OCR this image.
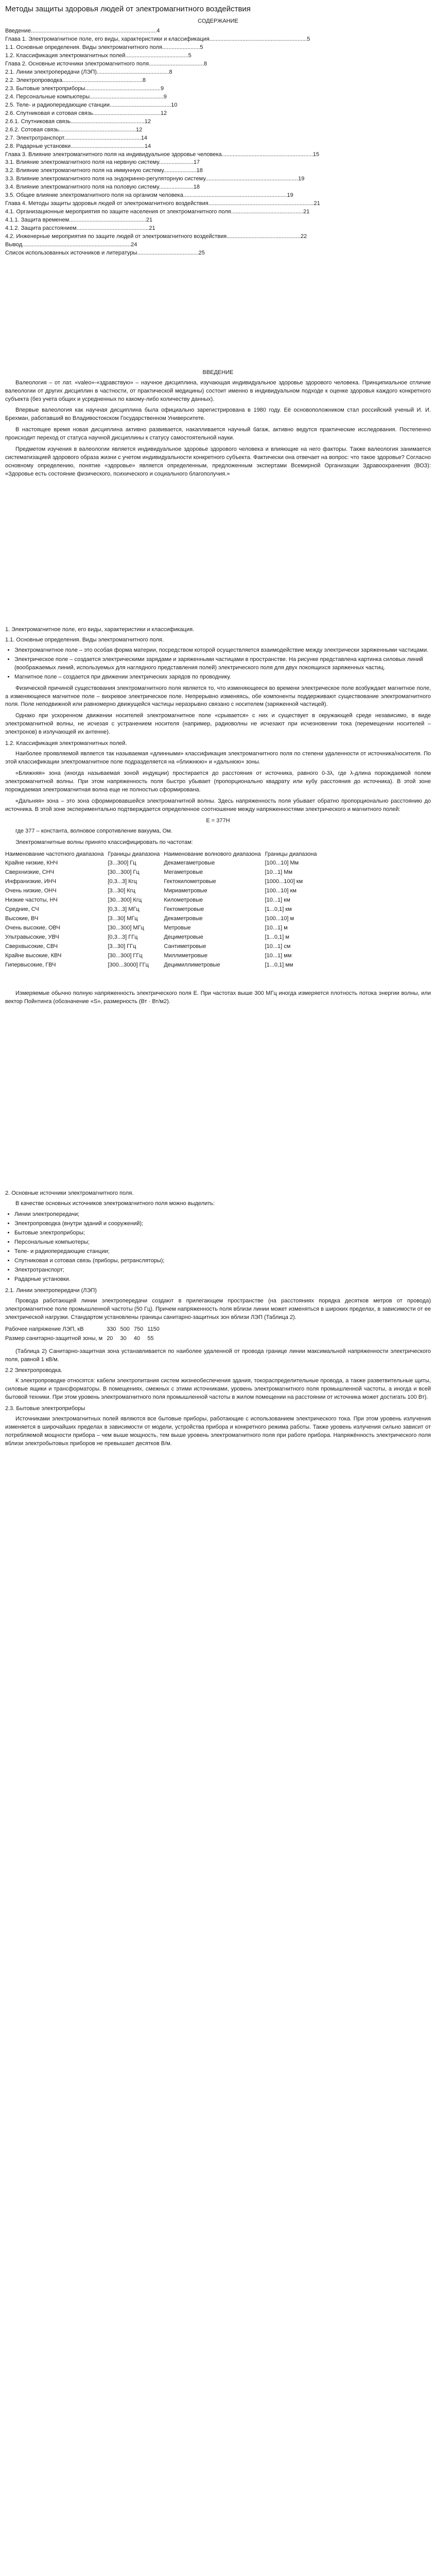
Методы защиты здоровья людей от электромагнитного воздействия
СОДЕРЖАНИЕ

Введение................................................................................4

Глава 1. Электромагнитное поле, его виды, характеристики и классификация..............................................................5

1.1. Основные определения. Виды электромагнитного поля........................5

1.2. Классификация электромагнитных полей........................................5

Глава 2. Основные источники электромагнитного поля...................................8

2.1. Линии электропередачи (ЛЭП)..............................................8

2.2. Электропроводка...................................................8

2.3. Бытовые электроприборы................................................9

2.4. Персональные компьютеры...............................................9

2.5. Теле- и радиопередающие станции.......................................10

2.6. Спутниковая и сотовая связь...........................................12

2.6.1. Спутниковая связь...............................................12

2.6.2. Сотовая связь.................................................12

2.7. Электротранспорт.................................................14

2.8. Радарные установки...............................................14

Глава 3. Влияние электромагнитного поля на индивидуальное здоровье человека..........................................................15

3.1. Влияние электромагнитного поля на нервную систему......................17

3.2. Влияние электромагнитного поля на иммунную систему.....................18

3.3. Влияние электромагнитного поля на эндокринно-регуляторную систему...........................................................19

3.4. Влияние электромагнитного поля на половую систему......................18

3.5. Общее влияние электромагнитного поля на организм человека..................................................................19

Глава 4. Методы защиты здоровья людей от электромагнитного воздействия...................................................................21

4.1. Организационные мероприятия по защите населения от электромагнитного поля..............................................21

4.1.1. Защита временем.................................................21

4.1.2. Защита расстоянием..............................................21

4.2. Инженерные мероприятия по защите людей от электромагнитного воздействия...............................................22

Вывод.....................................................................24

Список использованных источников и литературы.......................................25

ВВЕДЕНИЕ

Валеология – от лат. «valeo»-«здравствую» – научное дисциплина, изучающая индивидуальное здоровье здорового человека. Принципиальное отличие валеологии от других дисциплин в частности, от практической медицины) состоит именно в индивидуальном подходе к оценке здоровья каждого конкретного субъекта (без учета общих и усредненных по какому-либо количеству данных).

Впервые валеология как научная дисциплина была официально зарегистрирована в 1980 году. Её основоположником стал российский ученый И. И. Брехман, работавший во Владивостокском Государственном Университете.

В настоящее время новая дисциплина активно развивается, накапливается научный багаж, активно ведутся практические исследования. Постепенно происходит переход от статуса научной дисциплины к статусу самостоятельной науки.

Предметом изучения в валеологии является индивидуальное здоровье здорового человека и влияющие на него факторы. Также валеология занимается систематизацией здорового образа жизни с учетом индивидуальности конкретного субъекта. Фактически она отвечает на вопрос: что такое здоровье? Согласно основному определению, понятие «здоровье» является определенным, предложенным экспертами Всемирной Организации Здравоохранения (ВОЗ): «Здоровье есть состояние физического, психического и социального благополучия.»

1. Электромагнитное поле, его виды, характеристики и классификация.

1.1. Основные определения. Виды электромагнитного поля.

• Электромагнитное поле – это особая форма материи, посредством которой осуществляется взаимодействие между электрически заряженными частицами.
• Электрическое поле – создается электрическими зарядами и заряженными частицами в пространстве. На рисунке представлена картинка силовых линий (воображаемых линий, используемых для наглядного представления полей) электрического поля для двух покоящихся заряженных частиц.
• Магнитное поле – создается при движении электрических зарядов по проводнику.

Физической причиной существования электромагнитного поля является то, что изменяющееся во времени электрическое поле возбуждает магнитное поле, а изменяющееся магнитное поле – вихревое электрическое поле. Непрерывно изменяясь, обе компоненты поддерживают существование электромагнитного поля. Поле неподвижной или равномерно движущейся частицы неразрывно связано с носителем (заряженной частицей).

Однако при ускоренном движении носителей электромагнитное поле «срывается» с них и существует в окружающей среде независимо, в виде электромагнитной волны, не исчезая с устранением носителя (например, радиоволны не исчезают при исчезновении тока (перемещении носителей – электронов) в излучающей их антенне).

1.2. Классификация электромагнитных полей.

Наиболее проявляемой является так называемая «длинными» классификация электромагнитного поля по степени удаленности от источника/носителя. По этой классификации электромагнитное поле подразделяется на «ближнюю» и «дальнюю» зоны.

«Ближняя» зона (иногда называемая зоной индукции) простирается до расстояния от источника, равного 0-3λ, где λ-длина порождаемой полем электромагнитной волны. При этом напряженность поля быстро убывает (пропорционально квадрату или кубу расстояния до источника). В этой зоне порождаемая электромагнитная волна еще не полностью сформирована.

«Дальняя» зона – это зона сформировавшейся электромагнитной волны. Здесь напряженность поля убывает обратно пропорционально расстоянию до источника. В этой зоне экспериментально подтверждается определенное соотношение между напряженностями электрического и магнитного полей:

E = 377H

где 377 – константа, волновое сопротивление вакуума, Ом.

Электромагнитные волны принято классифицировать по частотам:

Наименование частотного диапазона	Границы диапазона	Наименование волнового диапазона	Границы диапазона
Крайне низкие, КНЧ	[3...300] Гц	Декамегаметровые	[100...10] Мм
Сверхнизкие, СНЧ	[30...300] Гц	Мегаметровые	[10...1] Мм
Инфранизкие, ИНЧ	[0,3...3] Кгц	Гектокилометровые	[1000...100] км
Очень низкие, ОНЧ	[3...30] Кгц	Мириаметровые	[100...10] км
Низкие частоты, НЧ	[30...300] Кгц	Километровые	[10...1] км
Средние, СЧ	[0,3...3] МГц	Гектометровые	[1...0,1] км
Высокие, ВЧ	[3...30] МГц	Декаметровые	[100...10] м
Очень высокие, ОВЧ	[30...300] МГц	Метровые	[10...1] м
Ультравысокие, УВЧ	[0,3...3] ГГц	Дециметровые	[1...0,1] м
Сверхвысокие, СВЧ	[3...30] ГГц	Сантиметровые	[10...1] см
Крайне высокие, КВЧ	[30...300] ГГц	Миллиметровые	[10...1] мм
Гипервысокие, ГВЧ	[300...3000] ГГц	Децимиллиметровые	[1...0,1] мм

Измеряемые обычно полную напряженность электрического поля Е. При частотах выше 300 МГц иногда измеряется плотность потока энергии волны, или вектор Пойнтинга (обозначение «S», размерность (Вт · Вт/м2).

2. Основные источники электромагнитного поля.

В качестве основных источников электромагнитного поля можно выделить:

• Линии электропередачи;
• Электропроводка (внутри зданий и сооружений);
• Бытовые электроприборы;
• Персональные компьютеры;
• Теле- и радиопередающие станции;
• Спутниковая и сотовая связь (приборы, ретрансляторы);
• Электротранспорт;
• Радарные установки.

2.1. Линии электропередачи (ЛЭП)

Провода работающей линии электропередачи создают в прилегающем пространстве (на расстояниях порядка десятков метров от провода) электромагнитное поле промышленной частоты (50 Гц). Причем напряженность поля вблизи линии может изменяться в широких пределах, в зависимости от ее электрической нагрузки. Стандартом установлены границы санитарно-защитных зон вблизи ЛЭП (Таблица 2).

Рабочее напряжение ЛЭП, кВ	330	500	750	1150
Размер санитарно-защитной зоны, м	20	30	40	55

(Таблица 2) Санитарно-защитная зона устанавливается по наиболее удаленной от провода границе линии максимальной напряженности электрического поля, равной 1 кВ/м.

2.2 Электропроводка.

К электропроводке относятся: кабели электропитания систем жизнеобеспечения здания, токораспределительные провода, а также разветвительные щиты, силовые ящики и трансформаторы. В помещениях, смежных с этими источниками, уровень электромагнитного поля промышленной частоты, а иногда и всей бытовой техники. При этом уровень электромагнитного поля промышленной частоты в жилом помещении на расстоянии от источника может достигать 100 Вт).

2.3. Бытовые электроприборы

Источниками электромагнитных полей являются все бытовые приборы, работающие с использованием электрического тока. При этом уровень излучения изменяется в широчайших пределах в зависимости от модели, устройства прибора и конкретного режима работы. Также уровень излучения сильно зависит от потребляемой мощности прибора – чем выше мощность, тем выше уровень электромагнитного поля при работе прибора. Напряжённость электрического поля вблизи электробытовых приборов не превышает десятков В/м.
